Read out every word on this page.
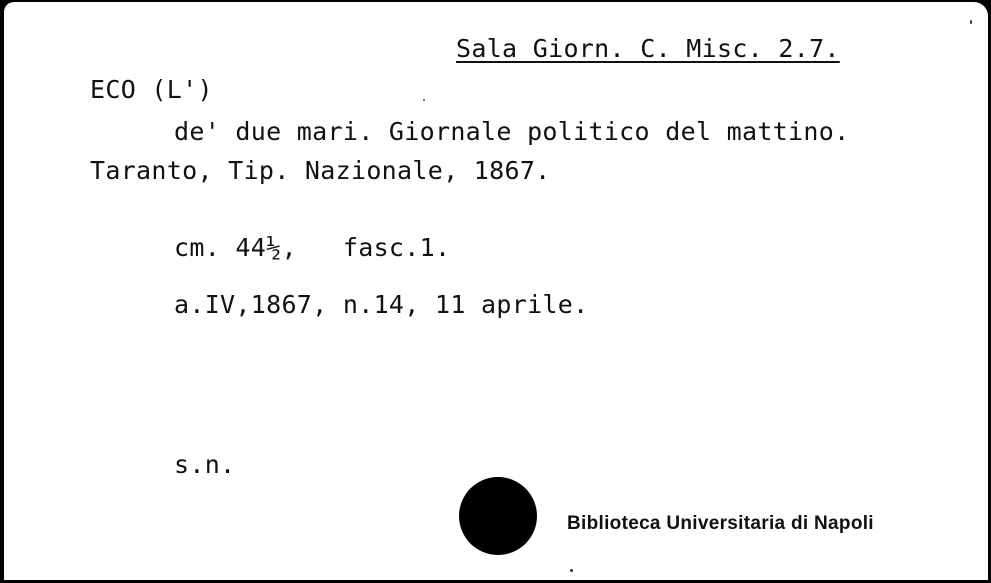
Sala Giorn. C. Misc. 2.7.
ECO (L')
de' due mari. Giornale politico del mattino.
Taranto, Tip. Nazionale, 1867.
cm. 44½,   fasc.1.
a.IV,1867, n.14, 11 aprile.
s.n.
Biblioteca Universitaria di Napoli
